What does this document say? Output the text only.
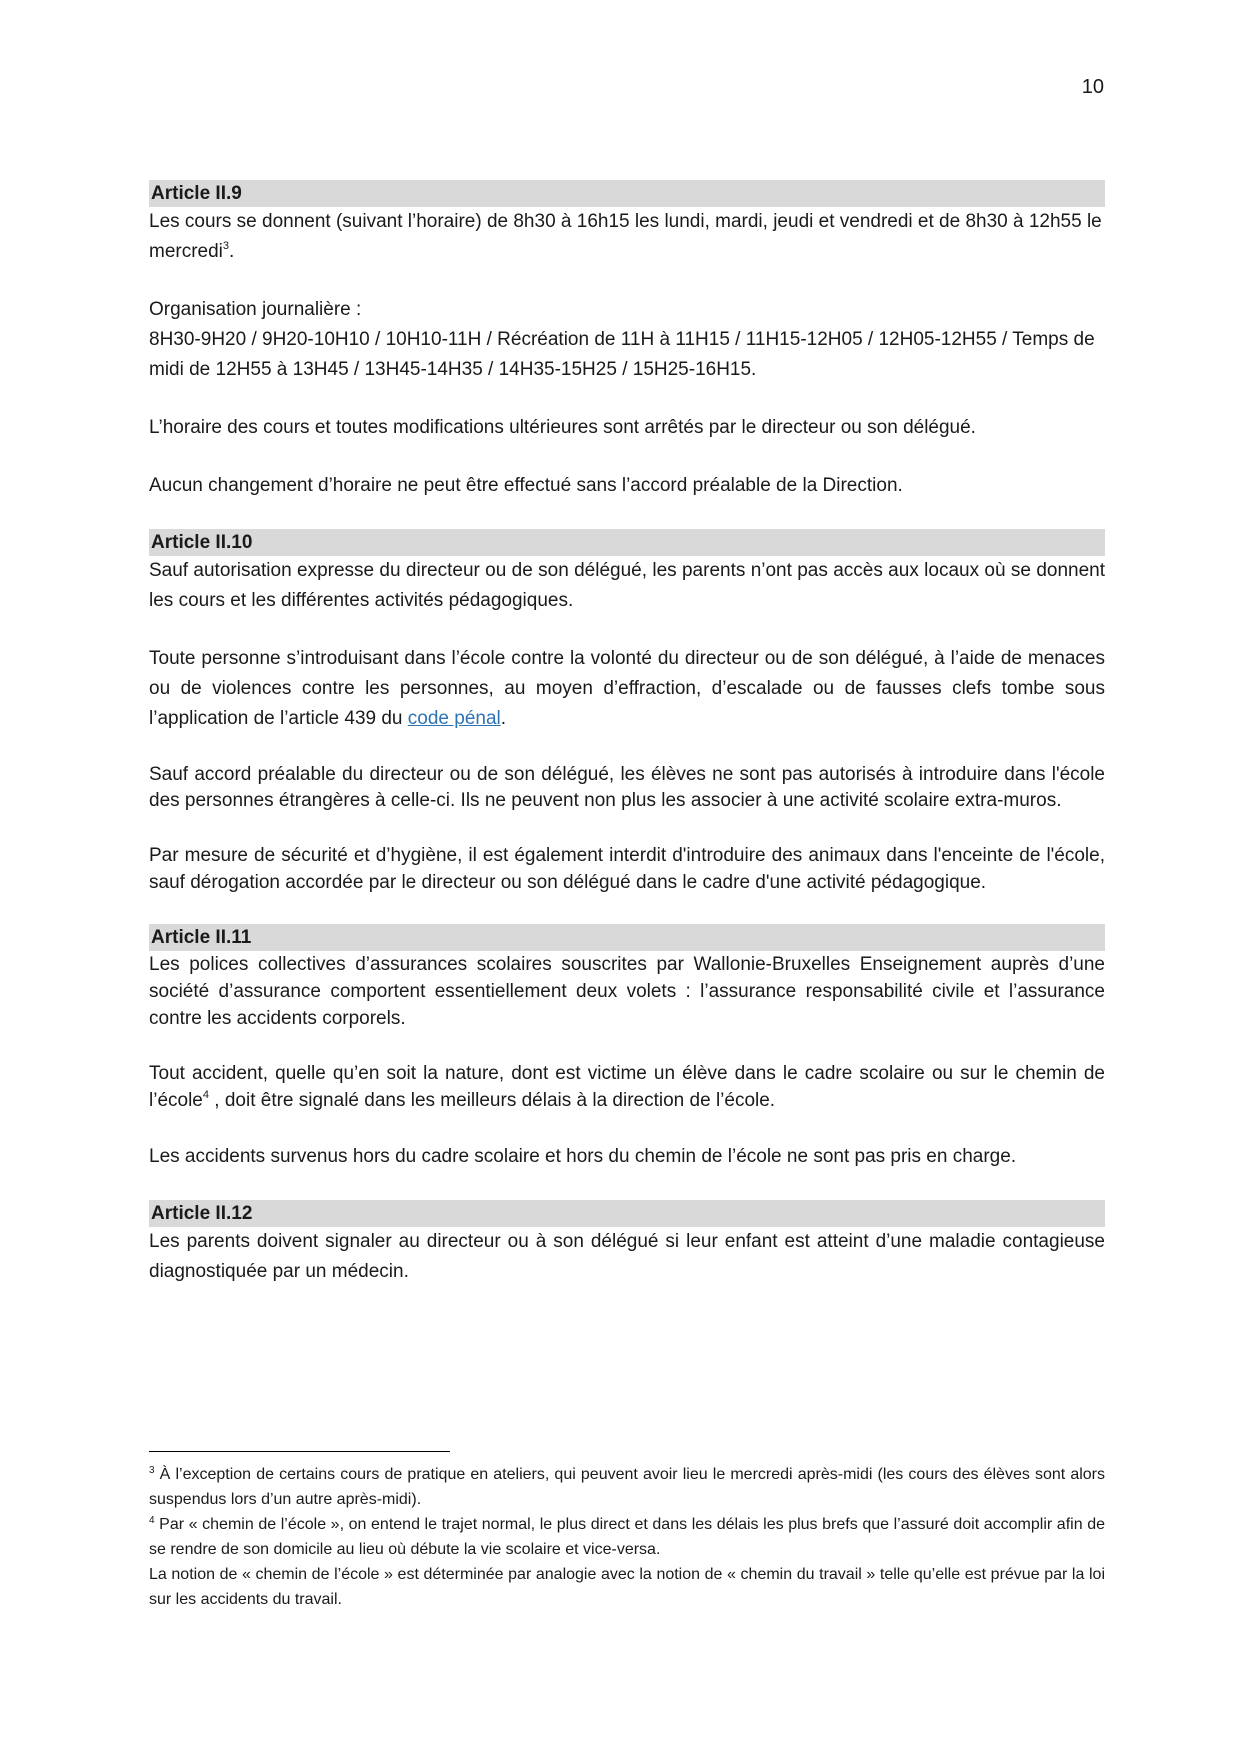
10
Article II.9

Les cours se donnent (suivant l’horaire) de 8h30 à 16h15 les lundi, mardi, jeudi et vendredi et de 8h30 à 12h55 le mercredi$^3$.

Organisation journalière :

8H30-9H20 / 9H20-10H10 / 10H10-11H / Récréation de 11H à 11H15 / 11H15-12H05 / 12H05-12H55 / Temps de midi de 12H55 à 13H45 / 13H45-14H35 / 14H35-15H25 / 15H25-16H15.

L’horaire des cours et toutes modifications ultérieures sont arrêtés par le directeur ou son délégué.

Aucun changement d’horaire ne peut être effectué sans l’accord préalable de la Direction.

Article II.10

Sauf autorisation expresse du directeur ou de son délégué, les parents n’ont pas accès aux locaux où se donnent les cours et les différentes activités pédagogiques.

Toute personne s’introduisant dans l’école contre la volonté du directeur ou de son délégué, à l’aide de menaces ou de violences contre les personnes, au moyen d’effraction, d’escalade ou de fausses clefs tombe sous l’application de l’article 439 du code pénal.

Sauf accord préalable du directeur ou de son délégué, les élèves ne sont pas autorisés à introduire dans l'école des personnes étrangères à celle-ci. Ils ne peuvent non plus les associer à une activité scolaire extra-muros.

Par mesure de sécurité et d’hygiène, il est également interdit d'introduire des animaux dans l'enceinte de l'école, sauf dérogation accordée par le directeur ou son délégué dans le cadre d'une activité pédagogique.

Article II.11

Les polices collectives d’assurances scolaires souscrites par Wallonie-Bruxelles Enseignement auprès d’une société d’assurance comportent essentiellement deux volets : l’assurance responsabilité civile et l’assurance contre les accidents corporels.

Tout accident, quelle qu’en soit la nature, dont est victime un élève dans le cadre scolaire ou sur le chemin de l’école$^4$ , doit être signalé dans les meilleurs délais à la direction de l’école.

Les accidents survenus hors du cadre scolaire et hors du chemin de l’école ne sont pas pris en charge.

Article II.12

Les parents doivent signaler au directeur ou à son délégué si leur enfant est atteint d’une maladie contagieuse diagnostiquée par un médecin.

$^3$ À l’exception de certains cours de pratique en ateliers, qui peuvent avoir lieu le mercredi après-midi (les cours des élèves sont alors suspendus lors d’un autre après-midi).

$^4$ Par « chemin de l’école », on entend le trajet normal, le plus direct et dans les délais les plus brefs que l’assuré doit accomplir afin de se rendre de son domicile au lieu où débute la vie scolaire et vice-versa.

La notion de « chemin de l’école » est déterminée par analogie avec la notion de « chemin du travail » telle qu’elle est prévue par la loi sur les accidents du travail.
